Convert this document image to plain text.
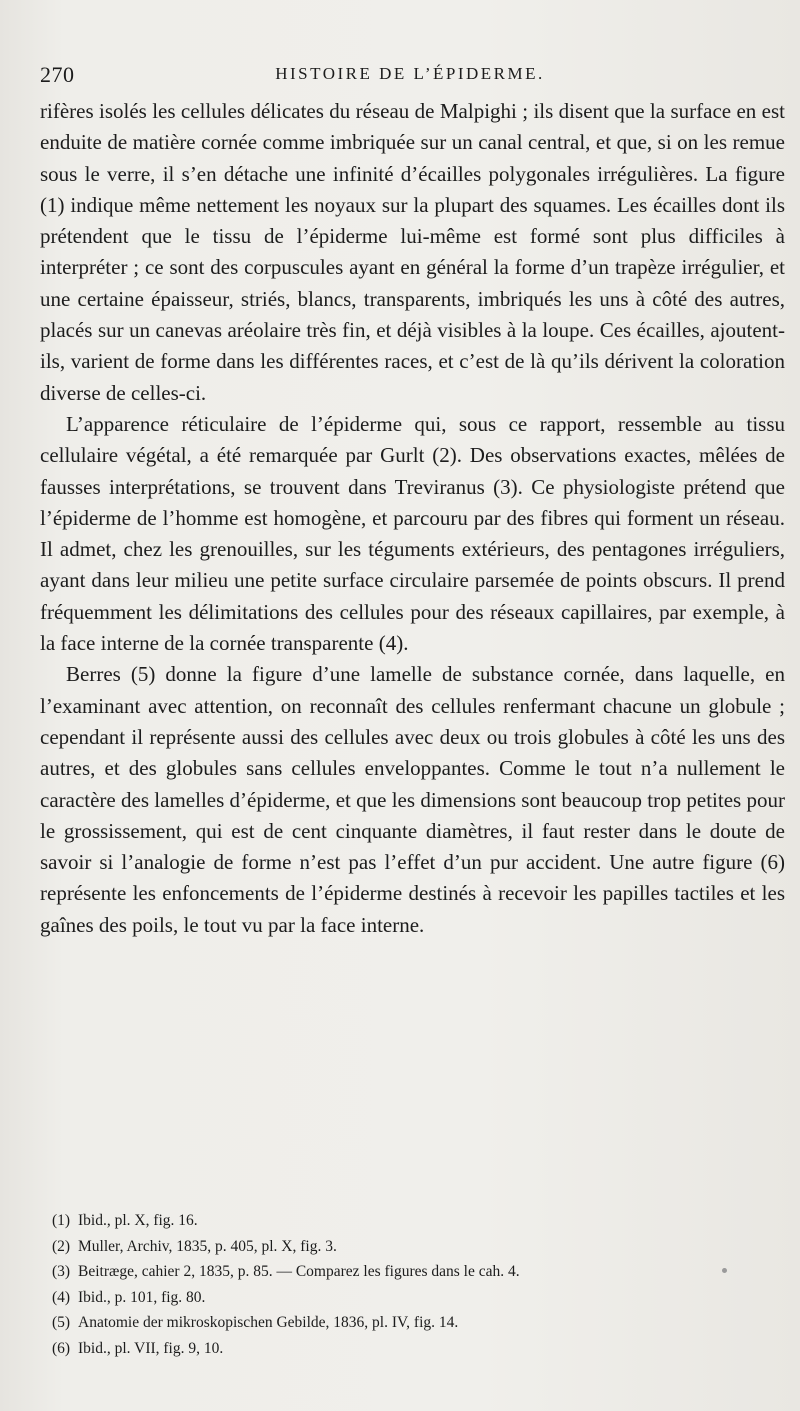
270	HISTOIRE DE L’ÉPIDERME.

rifères isolés les cellules délicates du réseau de Malpighi ; ils disent que la surface en est enduite de matière cornée comme imbriquée sur un canal central, et que, si on les remue sous le verre, il s’en détache une infinité d’écailles polygonales irrégulières. La figure (1) indique même nettement les noyaux sur la plupart des squames. Les écailles dont ils prétendent que le tissu de l’épiderme lui-même est formé sont plus difficiles à interpréter ; ce sont des corpuscules ayant en général la forme d’un trapèze irrégulier, et une certaine épaisseur, striés, blancs, transparents, imbriqués les uns à côté des autres, placés sur un canevas aréolaire très fin, et déjà visibles à la loupe. Ces écailles, ajoutent-ils, varient de forme dans les différentes races, et c’est de là qu’ils dérivent la coloration diverse de celles-ci.

L’apparence réticulaire de l’épiderme qui, sous ce rapport, ressemble au tissu cellulaire végétal, a été remarquée par Gurlt (2). Des observations exactes, mêlées de fausses interprétations, se trouvent dans Treviranus (3). Ce physiologiste prétend que l’épiderme de l’homme est homogène, et parcouru par des fibres qui forment un réseau. Il admet, chez les grenouilles, sur les téguments extérieurs, des pentagones irréguliers, ayant dans leur milieu une petite surface circulaire parsemée de points obscurs. Il prend fréquemment les délimitations des cellules pour des réseaux capillaires, par exemple, à la face interne de la cornée transparente (4).

Berres (5) donne la figure d’une lamelle de substance cornée, dans laquelle, en l’examinant avec attention, on reconnaît des cellules renfermant chacune un globule ; cependant il représente aussi des cellules avec deux ou trois globules à côté les uns des autres, et des globules sans cellules enveloppantes. Comme le tout n’a nullement le caractère des lamelles d’épiderme, et que les dimensions sont beaucoup trop petites pour le grossissement, qui est de cent cinquante diamètres, il faut rester dans le doute de savoir si l’analogie de forme n’est pas l’effet d’un pur accident. Une autre figure (6) représente les enfoncements de l’épiderme destinés à recevoir les papilles tactiles et les gaînes des poils, le tout vu par la face interne.

(1) Ibid., pl. X, fig. 16.
(2) Muller, Archiv, 1835, p. 405, pl. X, fig. 3.
(3) Beitræge, cahier 2, 1835, p. 85. — Comparez les figures dans le cah. 4.
(4) Ibid., p. 101, fig. 80.
(5) Anatomie der mikroskopischen Gebilde, 1836, pl. IV, fig. 14.
(6) Ibid., pl. VII, fig. 9, 10.
